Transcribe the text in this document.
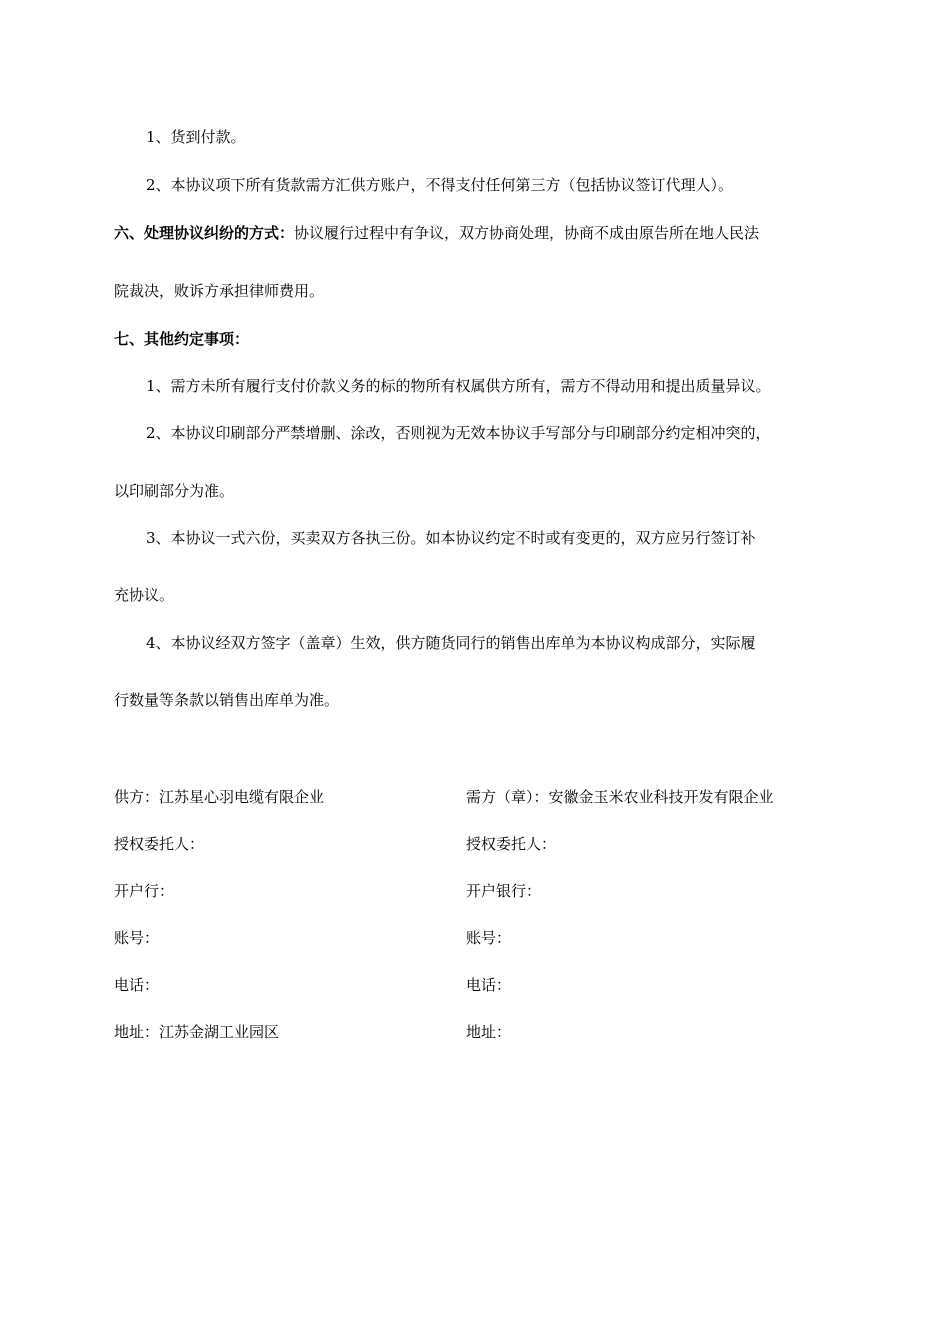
1、货到付款。

2、本协议项下所有货款需方汇供方账户，不得支付任何第三方（包括协议签订代理人）。

六、处理协议纠纷的方式：协议履行过程中有争议，双方协商处理，协商不成由原告所在地人民法

院裁决，败诉方承担律师费用。

七、其他约定事项：

1、需方未所有履行支付价款义务的标的物所有权属供方所有，需方不得动用和提出质量异议。

2、本协议印刷部分严禁增删、涂改，否则视为无效本协议手写部分与印刷部分约定相冲突的，

以印刷部分为准。

3、本协议一式六份，买卖双方各执三份。如本协议约定不时或有变更的，双方应另行签订补

充协议。

4、本协议经双方签字（盖章）生效，供方随货同行的销售出库单为本协议构成部分，实际履

行数量等条款以销售出库单为准。

供方：江苏星心羽电缆有限企业	需方（章）：安徽金玉米农业科技开发有限企业
授权委托人：	授权委托人：
开户行：	开户银行：
账号：	账号：
电话：	电话：
地址：江苏金湖工业园区	地址：
